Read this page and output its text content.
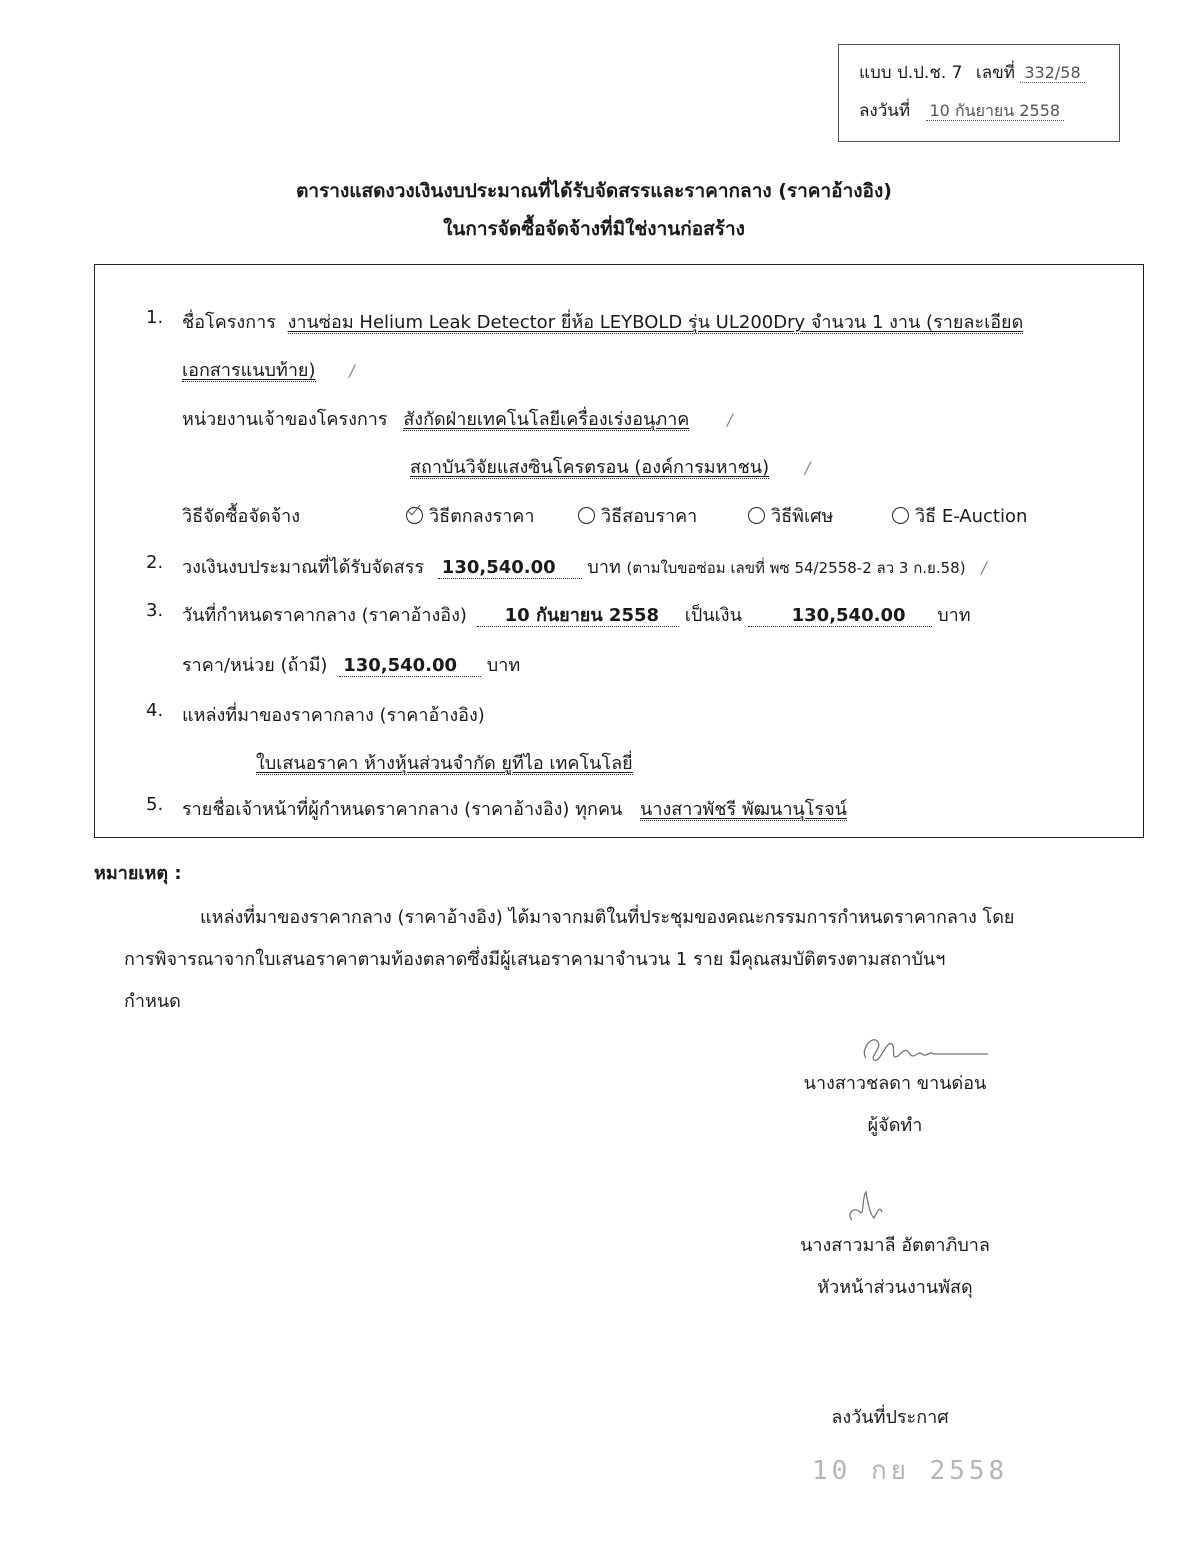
แบบ ป.ป.ช. 7 เลขที่ 332/58
ลงวันที่ 10 กันยายน 2558
ตารางแสดงวงเงินงบประมาณที่ได้รับจัดสรรและราคากลาง (ราคาอ้างอิง)
ในการจัดซื้อจัดจ้างที่มิใช่งานก่อสร้าง
1. ชื่อโครงการ งานซ่อม Helium Leak Detector ยี่ห้อ LEYBOLD รุ่น UL200Dry จำนวน 1 งาน (รายละเอียด
เอกสารแนบท้าย) /
หน่วยงานเจ้าของโครงการ สังกัดฝ่ายเทคโนโลยีเครื่องเร่งอนุภาค /
สถาบันวิจัยแสงซินโครตรอน (องค์การมหาชน) /
วิธีจัดซื้อจัดจ้าง	วิธีตกลงราคา	วิธีสอบราคา	วิธีพิเศษ	วิธี E-Auction
2. วงเงินงบประมาณที่ได้รับจัดสรร 130,540.00 บาท (ตามใบขอซ่อม เลขที่ พซ 54/2558-2 ลว 3 ก.ย.58) /
3. วันที่กำหนดราคากลาง (ราคาอ้างอิง) 10 กันยายน 2558 เป็นเงิน	130,540.00 บาท
ราคา/หน่วย (ถ้ามี) 130,540.00 บาท
4. แหล่งที่มาของราคากลาง (ราคาอ้างอิง)
ใบเสนอราคา ห้างหุ้นส่วนจำกัด ยูทีไอ เทคโนโลยี่
5. รายชื่อเจ้าหน้าที่ผู้กำหนดราคากลาง (ราคาอ้างอิง) ทุกคน นางสาวพัชรี พัฒนานุโรจน์
หมายเหตุ :
แหล่งที่มาของราคากลาง (ราคาอ้างอิง) ได้มาจากมติในที่ประชุมของคณะกรรมการกำหนดราคากลาง โดย
การพิจารณาจากใบเสนอราคาตามท้องตลาดซึ่งมีผู้เสนอราคามาจำนวน 1 ราย มีคุณสมบัติตรงตามสถาบันฯ
กำหนด
นางสาวชลดา ขานด่อน
ผู้จัดทำ
นางสาวมาลี อัตตาภิบาล
หัวหน้าส่วนงานพัสดุ
ลงวันที่ประกาศ
10 กย 2558
